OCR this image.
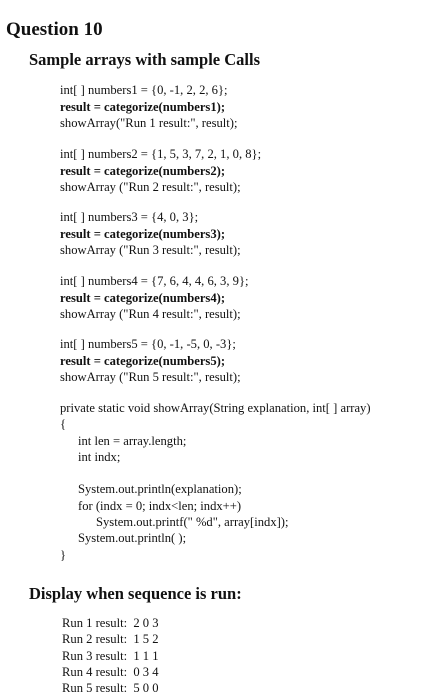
Question 10
Sample arrays with sample Calls
int[ ] numbers1 = {0, -1, 2, 2, 6};
result = categorize(numbers1);
showArray("Run 1 result:", result);
int[ ] numbers2 = {1, 5, 3, 7, 2, 1, 0, 8};
result = categorize(numbers2);
showArray ("Run 2 result:", result);
int[ ] numbers3 = {4, 0, 3};
result = categorize(numbers3);
showArray ("Run 3 result:", result);
int[ ] numbers4 = {7, 6, 4, 4, 6, 3, 9};
result = categorize(numbers4);
showArray ("Run 4 result:", result);
int[ ] numbers5 = {0, -1, -5, 0, -3};
result = categorize(numbers5);
showArray ("Run 5 result:", result);
private static void showArray(String explanation, int[ ] array)
{
int len = array.length;
int indx;

System.out.println(explanation);
for (indx = 0; indx<len; indx++)
System.out.printf(" %d", array[indx]);
System.out.println( );
}
Display when sequence is run:
Run 1 result:  2 0 3
Run 2 result:  1 5 2
Run 3 result:  1 1 1
Run 4 result:  0 3 4
Run 5 result:  5 0 0
